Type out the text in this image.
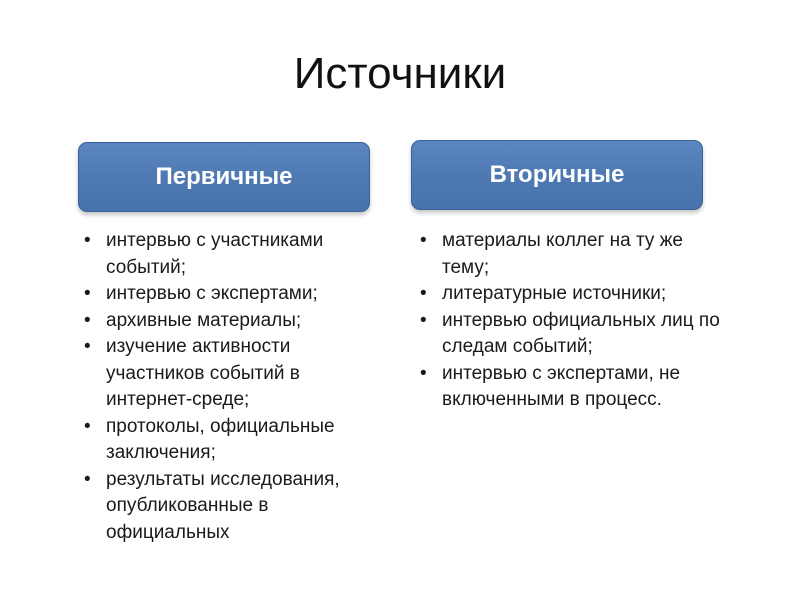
Источники
Первичные	Вторичные
• интервью с участниками событий;
• интервью с экспертами;
• архивные материалы;
• изучение активности участников событий в интернет-среде;
• протоколы, официальные заключения;
• результаты исследования, опубликованные в официальных
• материалы коллег на ту же тему;
• литературные источники;
• интервью официальных лиц по следам событий;
• интервью с экспертами, не включенными в процесс.
